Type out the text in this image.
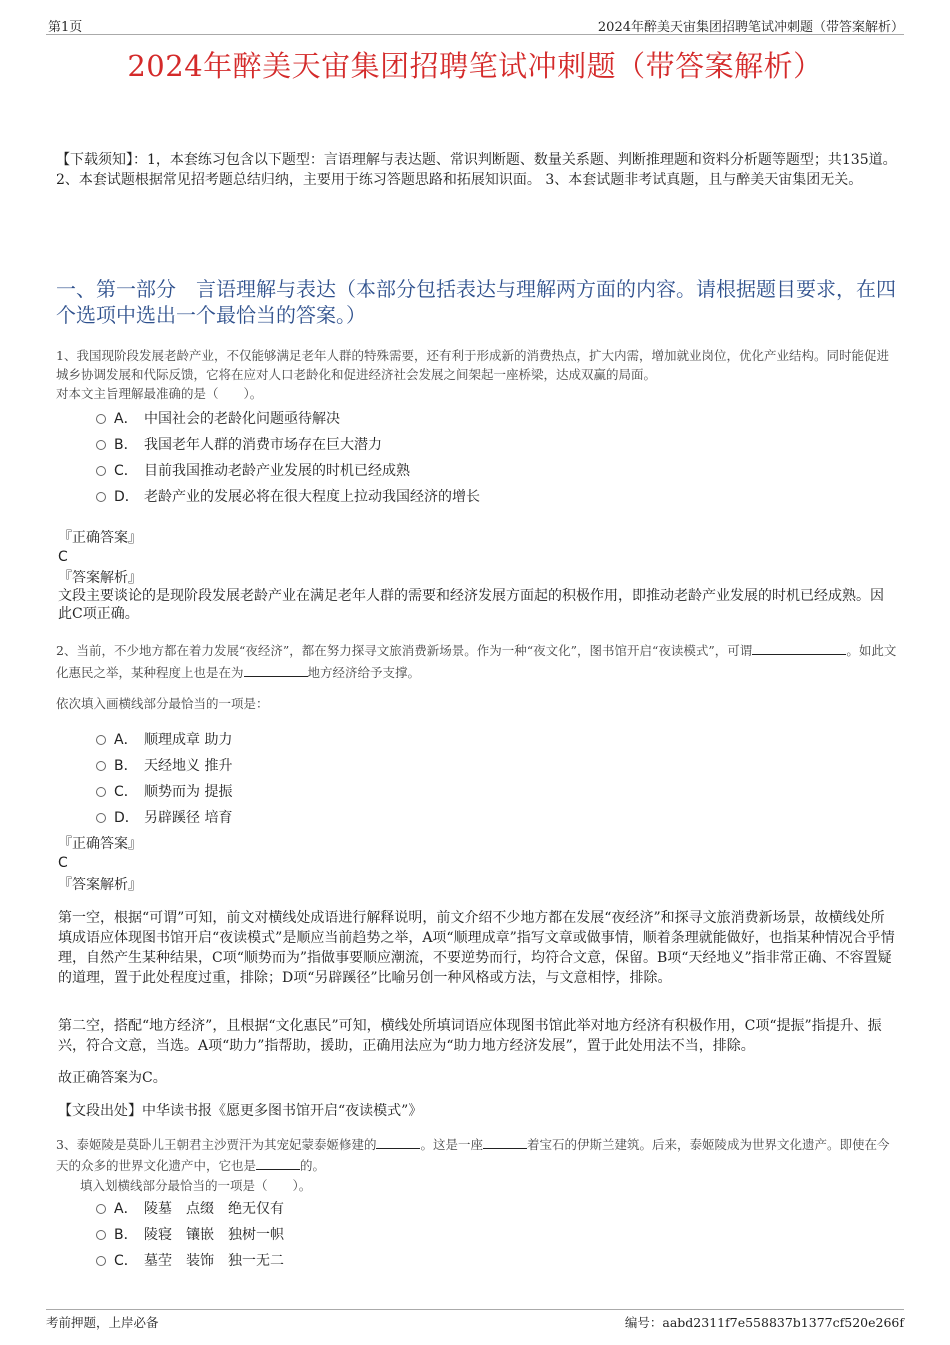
第1页	2024年醉美天宙集团招聘笔试冲刺题（带答案解析）
2024年醉美天宙集团招聘笔试冲刺题（带答案解析）
【下载须知】：1，本套练习包含以下题型：言语理解与表达题、常识判断题、数量关系题、判断推理题和资料分析题等题型；共135道。 2、本套试题根据常见招考题总结归纳，主要用于练习答题思路和拓展知识面。 3、本套试题非考试真题，且与醉美天宙集团无关。
一、第一部分　言语理解与表达（本部分包括表达与理解两方面的内容。请根据题目要求，在四个选项中选出一个最恰当的答案。）
1、我国现阶段发展老龄产业，不仅能够满足老年人群的特殊需要，还有利于形成新的消费热点，扩大内需，增加就业岗位，优化产业结构。同时能促进城乡协调发展和代际反馈，它将在应对人口老龄化和促进经济社会发展之间架起一座桥梁，达成双赢的局面。
对本文主旨理解最准确的是（　　）。
A． 中国社会的老龄化问题亟待解决
B． 我国老年人群的消费市场存在巨大潜力
C． 目前我国推动老龄产业发展的时机已经成熟
D． 老龄产业的发展必将在很大程度上拉动我国经济的增长
『正确答案』
C
『答案解析』
文段主要谈论的是现阶段发展老龄产业在满足老年人群的需要和经济发展方面起的积极作用，即推动老龄产业发展的时机已经成熟。因此C项正确。
2、当前，不少地方都在着力发展“夜经济”，都在努力探寻文旅消费新场景。作为一种“夜文化”，图书馆开启“夜读模式”，可谓	。如此文化惠民之举，某种程度上也是在为	地方经济给予支撑。
依次填入画横线部分最恰当的一项是：
A． 顺理成章 助力
B． 天经地义 推升
C． 顺势而为 提振
D． 另辟蹊径 培育
『正确答案』
C
『答案解析』
第一空，根据“可谓”可知，前文对横线处成语进行解释说明，前文介绍不少地方都在发展“夜经济”和探寻文旅消费新场景，故横线处所填成语应体现图书馆开启“夜读模式”是顺应当前趋势之举，A项“顺理成章”指写文章或做事情，顺着条理就能做好，也指某种情况合乎情理，自然产生某种结果，C项“顺势而为”指做事要顺应潮流，不要逆势而行，均符合文意，保留。B项“天经地义”指非常正确、不容置疑的道理，置于此处程度过重，排除；D项“另辟蹊径”比喻另创一种风格或方法，与文意相悖，排除。
第二空，搭配“地方经济”，且根据“文化惠民”可知，横线处所填词语应体现图书馆此举对地方经济有积极作用，C项“提振”指提升、振兴，符合文意，当选。A项“助力”指帮助，援助，正确用法应为“助力地方经济发展”，置于此处用法不当，排除。
故正确答案为C。
【文段出处】中华读书报《愿更多图书馆开启“夜读模式”》
3、泰姬陵是莫卧儿王朝君主沙贾汗为其宠妃蒙泰姬修建的	。这是一座	着宝石的伊斯兰建筑。后来，泰姬陵成为世界文化遗产。即使在今天的众多的世界文化遗产中，它也是	的。
填入划横线部分最恰当的一项是（　　）。
A． 陵墓　点缀　绝无仅有
B． 陵寝　镶嵌　独树一帜
C． 墓茔　装饰　独一无二
考前押题，上岸必备	编号：aabd2311f7e558837b1377cf520e266f
